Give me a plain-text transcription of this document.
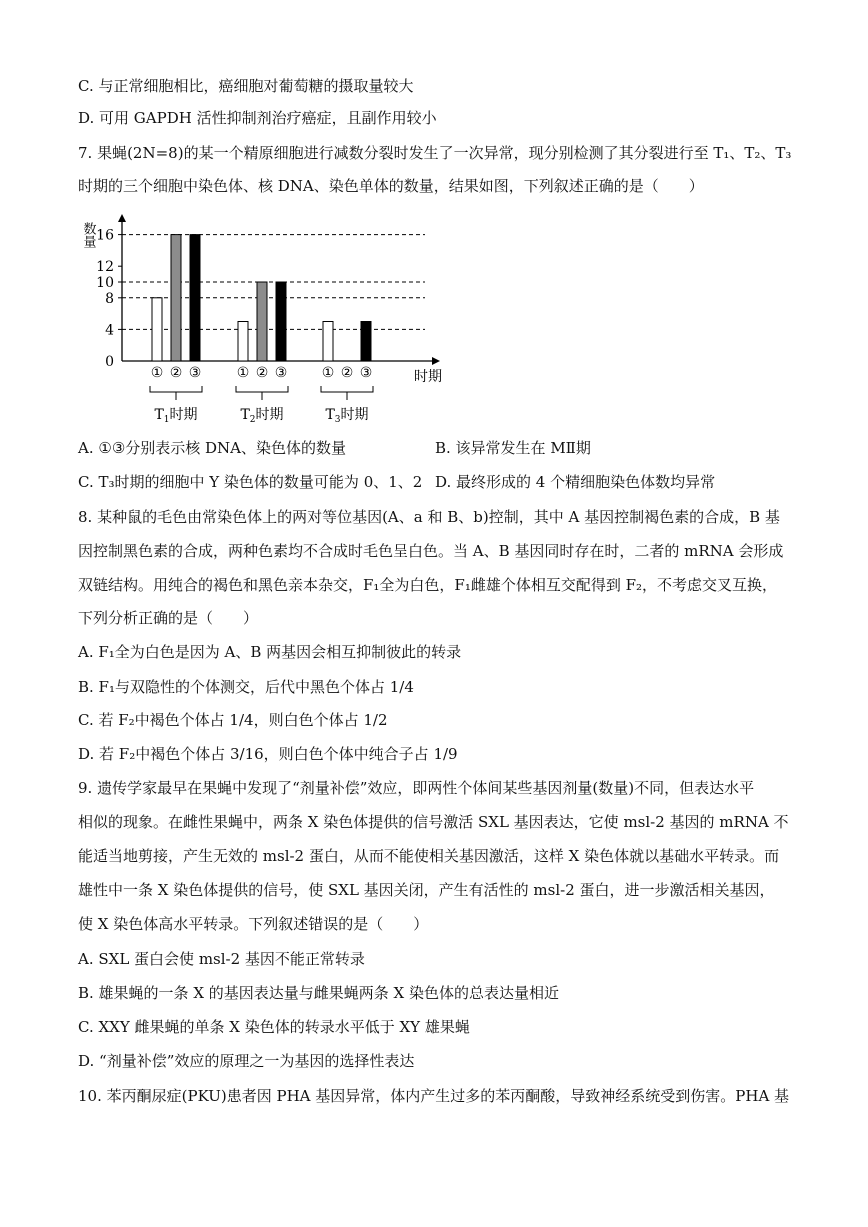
C. 与正常细胞相比，癌细胞对葡萄糖的摄取量较大
D. 可用 GAPDH 活性抑制剂治疗癌症，且副作用较小
7. 果蝇(2N=8)的某一个精原细胞进行减数分裂时发生了一次异常，现分别检测了其分裂进行至 T₁、T₂、T₃
时期的三个细胞中染色体、核 DNA、染色单体的数量，结果如图，下列叙述正确的是（　　）
数量
时期
0
4
8
10
12
16
① ② ③
$T_1$时期
① ② ③
$T_2$时期
① ② ③
$T_3$时期
A. ①③分别表示核 DNA、染色体的数量	B. 该异常发生在 MⅡ期
C. T₃时期的细胞中 Y 染色体的数量可能为 0、1、2 D. 最终形成的 4 个精细胞染色体数均异常
8. 某种鼠的毛色由常染色体上的两对等位基因(A、a 和 B、b)控制，其中 A 基因控制褐色素的合成，B 基
因控制黑色素的合成，两种色素均不合成时毛色呈白色。当 A、B 基因同时存在时，二者的 mRNA 会形成
双链结构。用纯合的褐色和黑色亲本杂交，F₁全为白色，F₁雌雄个体相互交配得到 F₂，不考虑交叉互换，
下列分析正确的是（　　）
A. F₁全为白色是因为 A、B 两基因会相互抑制彼此的转录
B. F₁与双隐性的个体测交，后代中黑色个体占 1/4
C. 若 F₂中褐色个体占 1/4，则白色个体占 1/2
D. 若 F₂中褐色个体占 3/16，则白色个体中纯合子占 1/9
9. 遗传学家最早在果蝇中发现了“剂量补偿”效应，即两性个体间某些基因剂量(数量)不同，但表达水平
相似的现象。在雌性果蝇中，两条 X 染色体提供的信号激活 SXL 基因表达，它使 msl-2 基因的 mRNA 不
能适当地剪接，产生无效的 msl-2 蛋白，从而不能使相关基因激活，这样 X 染色体就以基础水平转录。而
雄性中一条 X 染色体提供的信号，使 SXL 基因关闭，产生有活性的 msl-2 蛋白，进一步激活相关基因，
使 X 染色体高水平转录。下列叙述错误的是（　　）
A. SXL 蛋白会使 msl-2 基因不能正常转录
B. 雄果蝇的一条 X 的基因表达量与雌果蝇两条 X 染色体的总表达量相近
C. XXY 雌果蝇的单条 X 染色体的转录水平低于 XY 雄果蝇
D. “剂量补偿”效应的原理之一为基因的选择性表达
10. 苯丙酮尿症(PKU)患者因 PHA 基因异常，体内产生过多的苯丙酮酸，导致神经系统受到伤害。PHA 基
